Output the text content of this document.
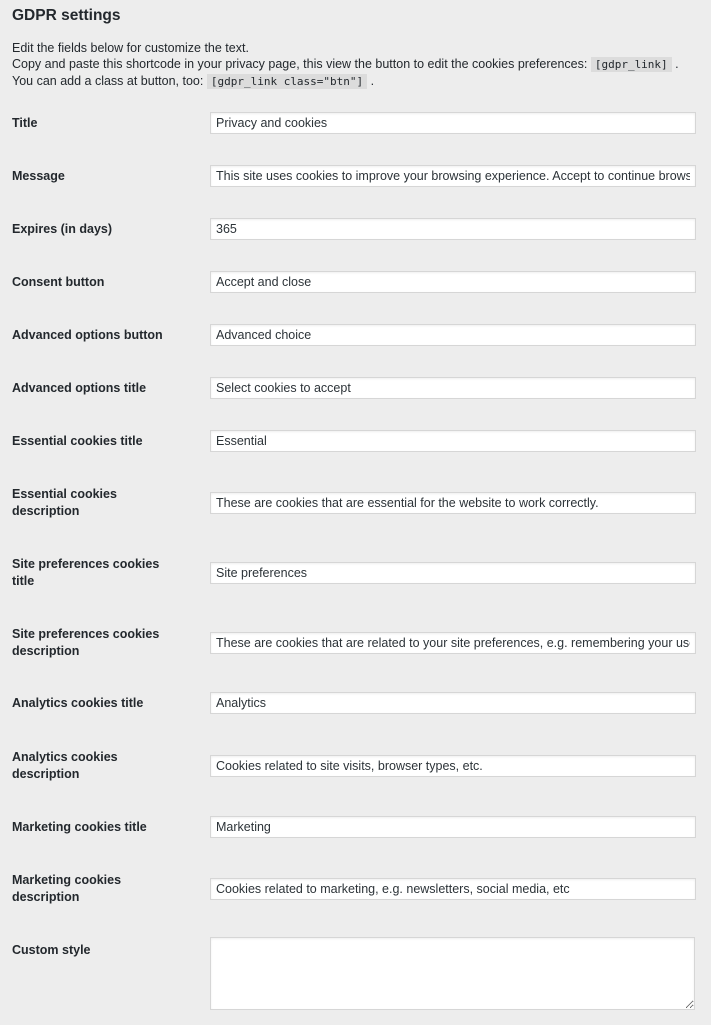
GDPR settings

Edit the fields below for customize the text.

Copy and paste this shortcode in your privacy page, this view the button to edit the cookies preferences: [gdpr_link] .

You can add a class at button, too: [gdpr_link class="btn"] .

Title
Privacy and cookies
Message
This site uses cookies to improve your browsing experience. Accept to continue browsing.
Expires (in days)
365
Consent button
Accept and close
Advanced options button
Advanced choice
Advanced options title
Select cookies to accept
Essential cookies title
Essential
Essential cookies
description
These are cookies that are essential for the website to work correctly.
Site preferences cookies
title
Site preferences
Site preferences cookies
description
These are cookies that are related to your site preferences, e.g. remembering your username, site colours, etc.
Analytics cookies title
Analytics
Analytics cookies
description
Cookies related to site visits, browser types, etc.
Marketing cookies title
Marketing
Marketing cookies
description
Cookies related to marketing, e.g. newsletters, social media, etc
Custom style
